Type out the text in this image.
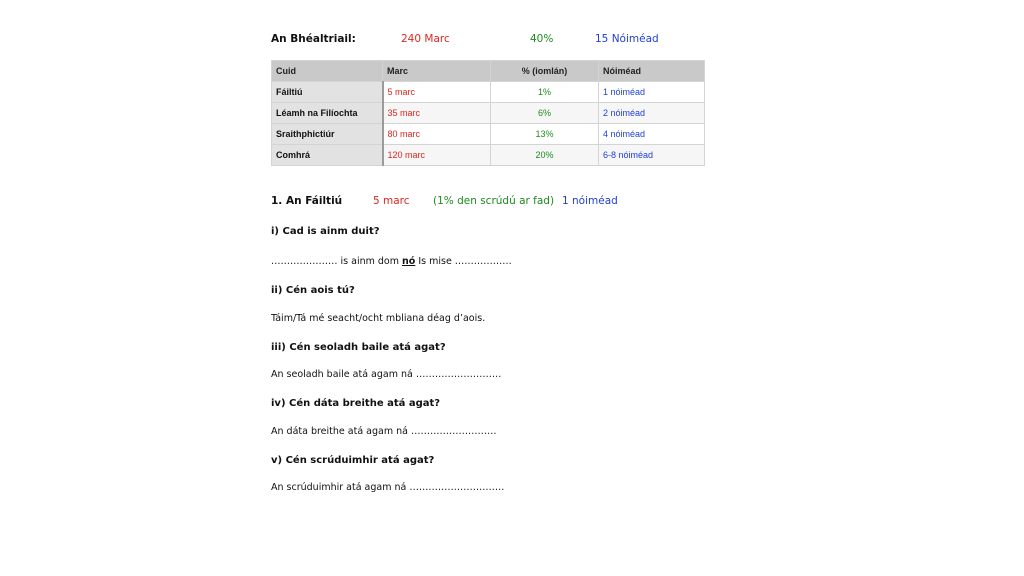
An Bhéaltriail:	240 Marc	40%	15 Nóiméad
Cuid	Marc	% (iomlán)	Nóiméad
Fáiltiú	5 marc	1%	1 nóiméad
Léamh na Filíochta	35 marc	6%	2 nóiméad
Sraithphictiúr	80 marc	13%	4 nóiméad
Comhrá	120 marc	20%	6-8 nóiméad
1. An Fáiltiú	5 marc (1% den scrúdú ar fad) 1 nóiméad
i) Cad is ainm duit?
………………… is ainm dom nó Is mise ………………
ii) Cén aois tú?
Táim/Tá mé seacht/ocht mbliana déag d’aois.
iii) Cén seoladh baile atá agat?
An seoladh baile atá agam ná ………………………
iv) Cén dáta breithe atá agat?
An dáta breithe atá agam ná ………………………
v) Cén scrúduimhir atá agat?
An scrúduimhir atá agam ná …………………………
